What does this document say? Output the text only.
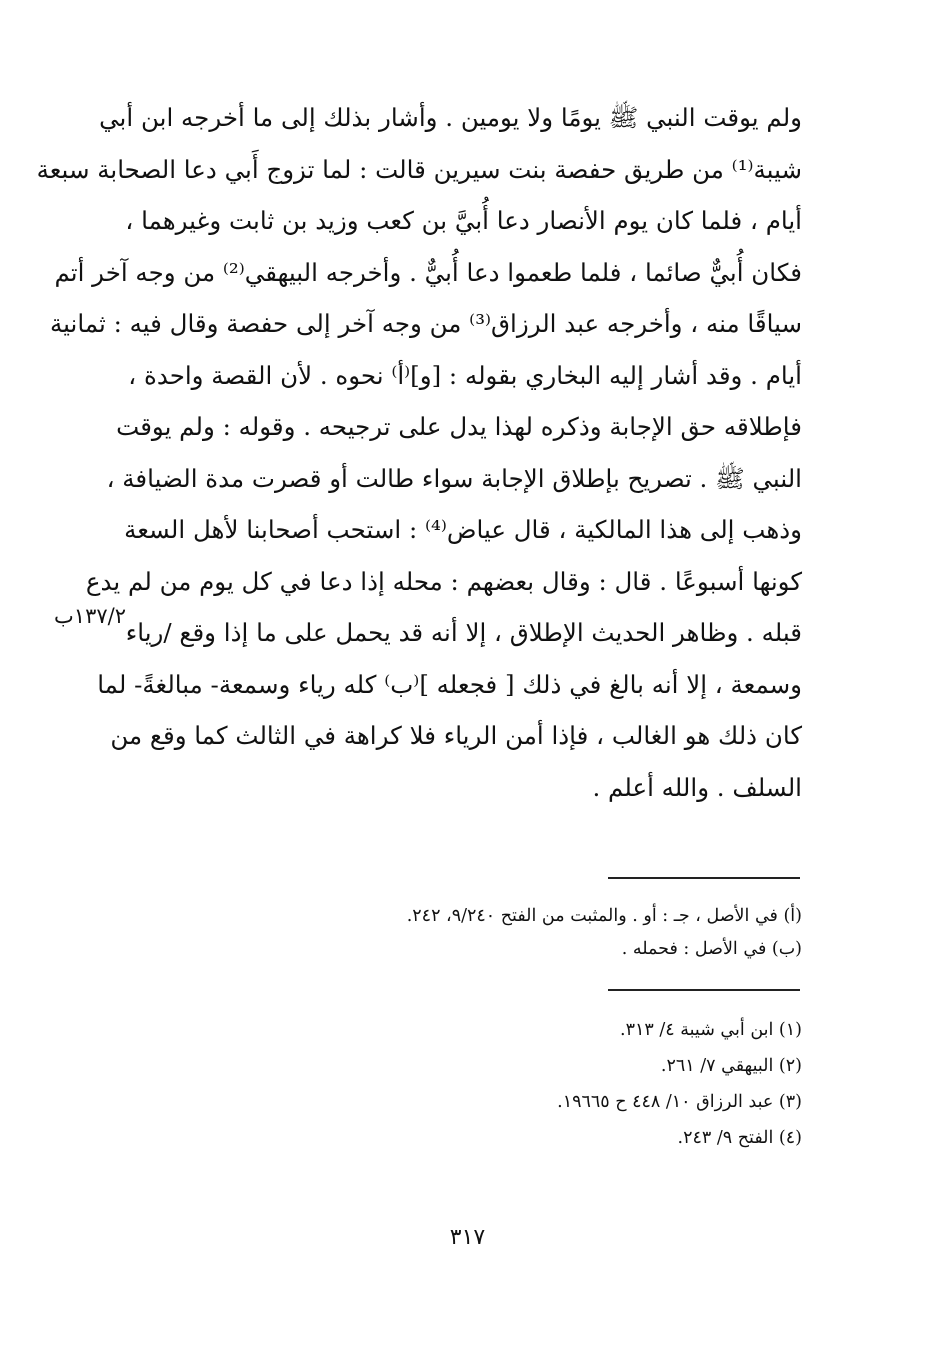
ولم يوقت النبي ﷺ يومًا ولا يومين . وأشار بذلك إلى ما أخرجه ابن أبي
شيبة⁽¹⁾ من طريق حفصة بنت سيرين قالت : لما تزوج أَبي دعا الصحابة سبعة
أيام ، فلما كان يوم الأنصار دعا أُبيَّ بن كعب وزيد بن ثابت وغيرهما ،
فكان أُبيٌّ صائما ، فلما طعموا دعا أُبيٌّ . وأخرجه البيهقي⁽²⁾ من وجه آخر أتم
سياقًا منه ، وأخرجه عبد الرزاق⁽³⁾ من وجه آخر إلى حفصة وقال فيه : ثمانية
أيام . وقد أشار إليه البخاري بقوله : [و]⁽أ⁾ نحوه . لأن القصة واحدة ،
فإطلاقه حق الإجابة وذكره لهذا يدل على ترجيحه . وقوله : ولم يوقت
النبي ﷺ . تصريح بإطلاق الإجابة سواء طالت أو قصرت مدة الضيافة ،
وذهب إلى هذا المالكية ، قال عياض⁽⁴⁾ : استحب أصحابنا لأهل السعة
كونها أسبوعًا . قال : وقال بعضهم : محله إذا دعا في كل يوم من لم يدع
قبله . وظاهر الحديث الإطلاق ، إلا أنه قد يحمل على ما إذا وقع /رياء
وسمعة ، إلا أنه بالغ في ذلك [ فجعله ]⁽ب⁾ كله رياء وسمعة- مبالغةً- لما
كان ذلك هو الغالب ، فإذا أمن الرياء فلا كراهة في الثالث كما وقع من
السلف . والله أعلم .
١٣٧/٢ب
(أ) في الأصل ، جـ : أو . والمثبت من الفتح ٩/٢٤٠، ٢٤٢.
(ب) في الأصل : فحمله .
(١) ابن أبي شيبة ٤/ ٣١٣.
(٢) البيهقي ٧/ ٢٦١.
(٣) عبد الرزاق ١٠/ ٤٤٨ ح ١٩٦٦٥.
(٤) الفتح ٩/ ٢٤٣.
٣١٧
